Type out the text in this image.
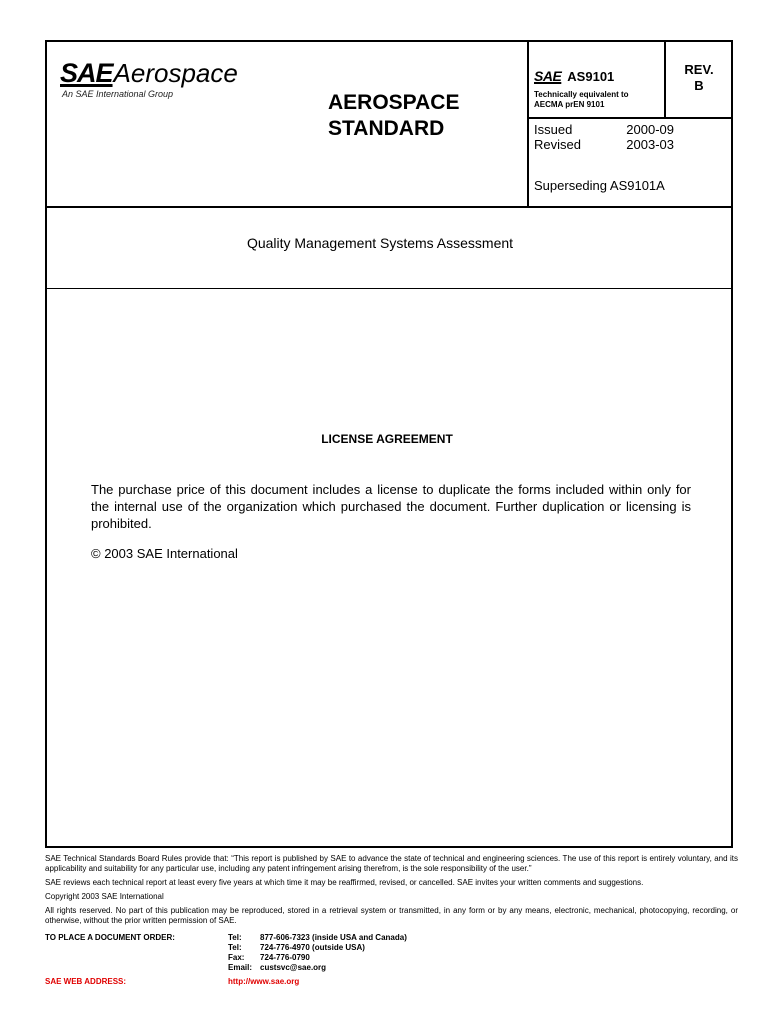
SAEAerospace
An SAE International Group	AEROSPACE
STANDARD
SAE AS9101
Technically equivalent to
AECMA prEN 9101
REV.
B
Issued	2000-09
Revised	2003-03
Superseding AS9101A
Quality Management Systems Assessment
LICENSE AGREEMENT
The purchase price of this document includes a license to duplicate the forms included within only for the internal use of the organization which purchased the document. Further duplication or licensing is prohibited.
© 2003 SAE International

SAE Technical Standards Board Rules provide that: “This report is published by SAE to advance the state of technical and engineering sciences. The use of this report is entirely voluntary, and its applicability and suitability for any particular use, including any patent infringement arising therefrom, is the sole responsibility of the user.”

SAE reviews each technical report at least every five years at which time it may be reaffirmed, revised, or cancelled. SAE invites your written comments and suggestions.

Copyright 2003 SAE International

All rights reserved. No part of this publication may be reproduced, stored in a retrieval system or transmitted, in any form or by any means, electronic, mechanical, photocopying, recording, or otherwise, without the prior written permission of SAE.

TO PLACE A DOCUMENT ORDER:	Tel: 877-606-7323 (inside USA and Canada)
Tel: 724-776-4970 (outside USA)
Fax: 724-776-0790
Email: custsvc@sae.org
SAE WEB ADDRESS:	http://www.sae.org
